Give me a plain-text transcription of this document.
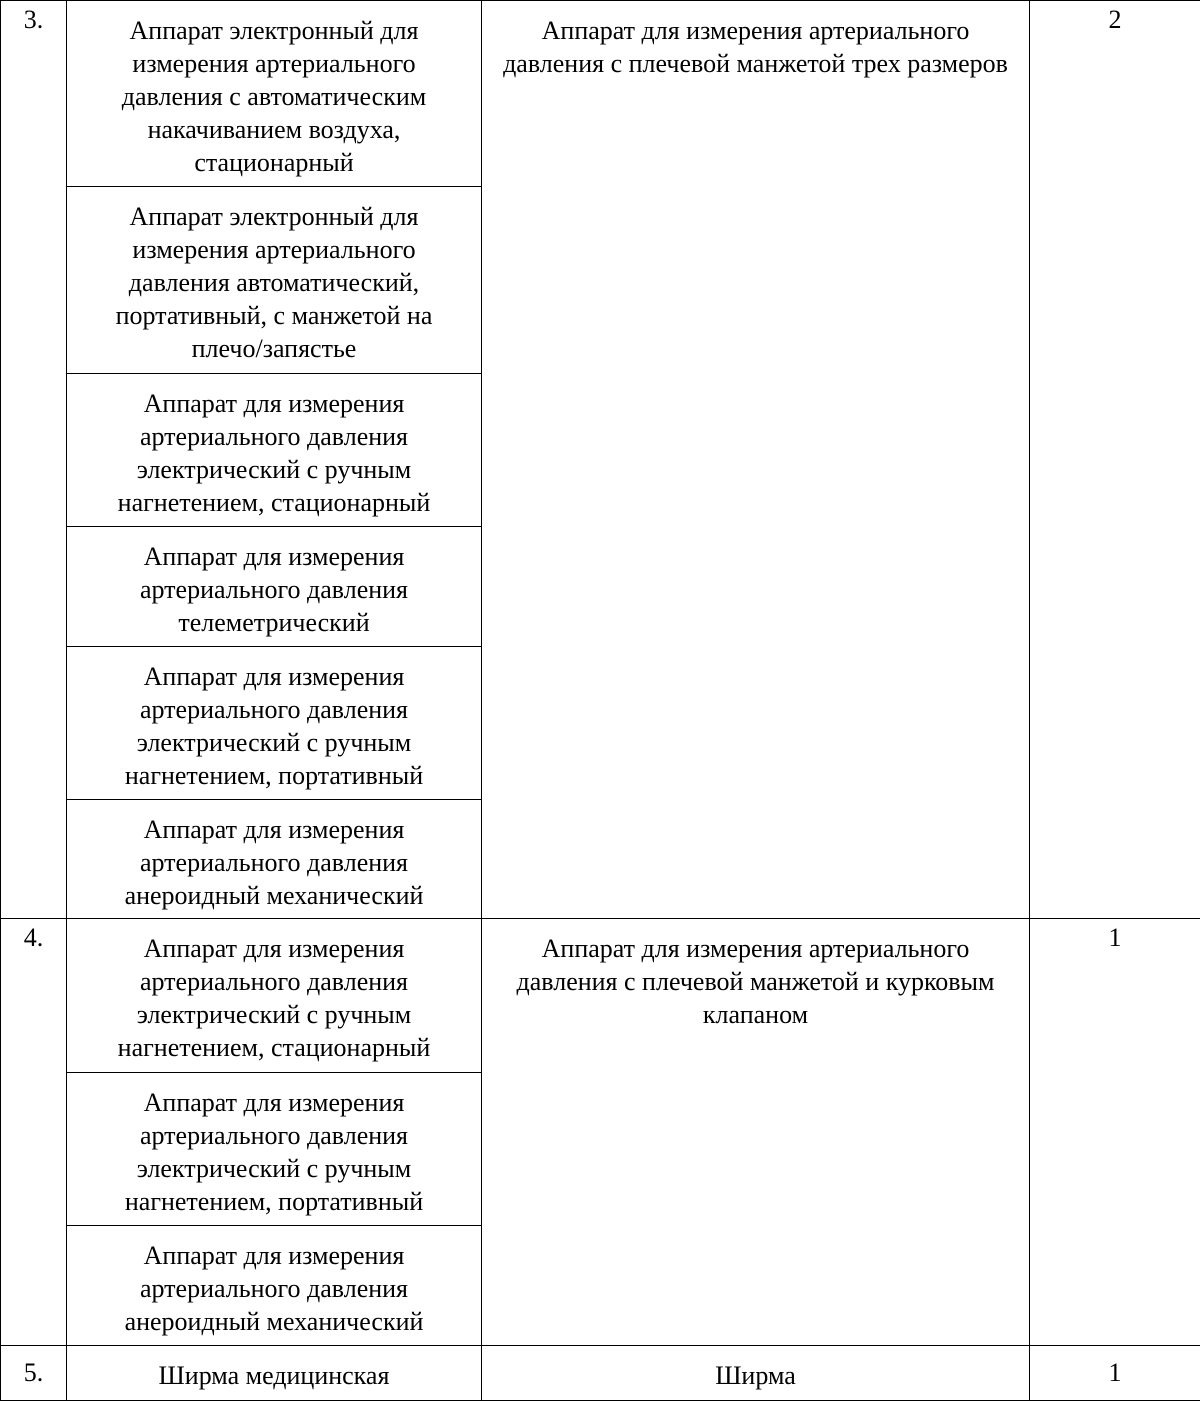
3.	Аппарат электронный для измерения артериального давления с автоматическим накачиванием воздуха, стационарный	Аппарат для измерения артериального давления с плечевой манжетой трех размеров	2

	Аппарат электронный для измерения артериального давления автоматический, портативный, с манжетой на плечо/запястье		

	Аппарат для измерения артериального давления электрический с ручным нагнетением, стационарный		

	Аппарат для измерения артериального давления телеметрический		

	Аппарат для измерения артериального давления электрический с ручным нагнетением, портативный		

	Аппарат для измерения артериального давления анероидный механический		

4.	Аппарат для измерения артериального давления электрический с ручным нагнетением, стационарный	Аппарат для измерения артериального давления с плечевой манжетой и курковым клапаном	1

	Аппарат для измерения артериального давления электрический с ручным нагнетением, портативный		

	Аппарат для измерения артериального давления анероидный механический		

5.	Ширма медицинская	Ширма	1
